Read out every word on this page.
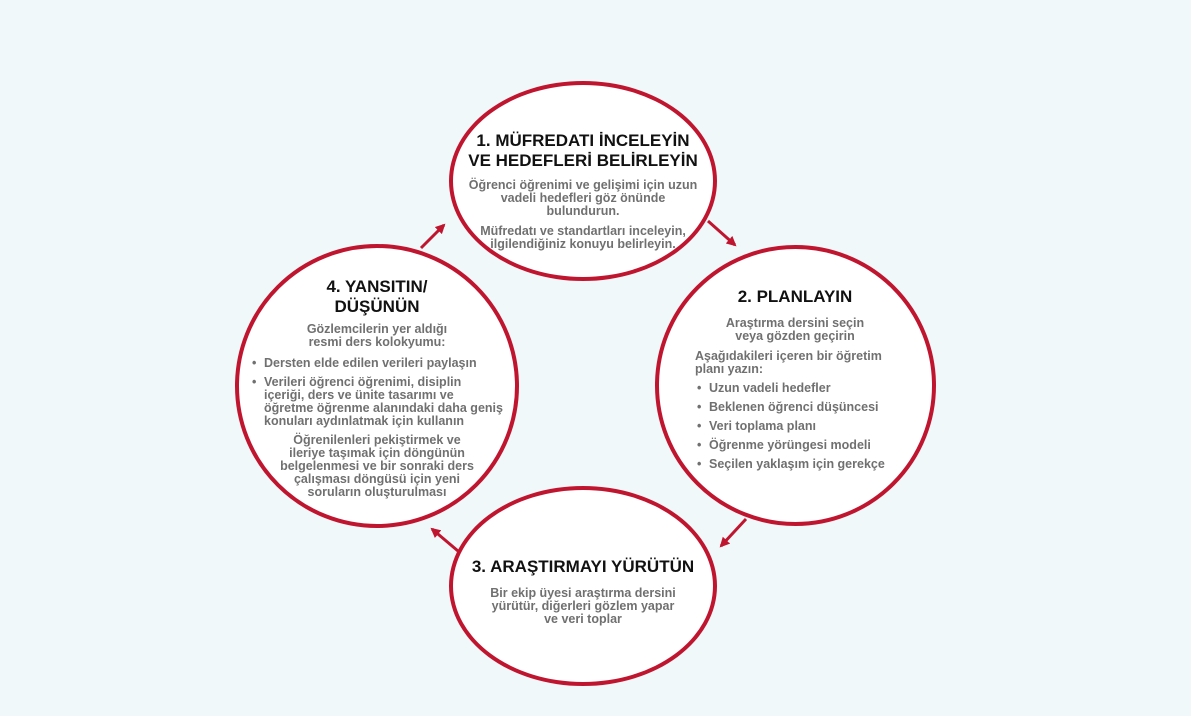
1. MÜFREDATI İNCELEYİN VE HEDEFLERİ BELİRLEYİN
Öğrenci öğrenimi ve gelişimi için uzun vadeli hedefleri göz önünde bulundurun.
Müfredatı ve standartları inceleyin, ilgilendiğiniz konuyu belirleyin.
2. PLANLAYIN
Araştırma dersini seçin veya gözden geçirin
Aşağıdakileri içeren bir öğretim planı yazın:
• Uzun vadeli hedefler
• Beklenen öğrenci düşüncesi
• Veri toplama planı
• Öğrenme yörüngesi modeli
• Seçilen yaklaşım için gerekçe
3. ARAŞTIRMAYI YÜRÜTÜN
Bir ekip üyesi araştırma dersini yürütür, diğerleri gözlem yapar ve veri toplar
4. YANSITIN/ DÜŞÜNÜN
Gözlemcilerin yer aldığı resmi ders kolokyumu:
• Dersten elde edilen verileri paylaşın
• Verileri öğrenci öğrenimi, disiplin içeriği, ders ve ünite tasarımı ve öğretme öğrenme alanındaki daha geniş konuları aydınlatmak için kullanın
Öğrenilenleri pekiştirmek ve ileriye taşımak için döngünün belgelenmesi ve bir sonraki ders çalışması döngüsü için yeni soruların oluşturulması
